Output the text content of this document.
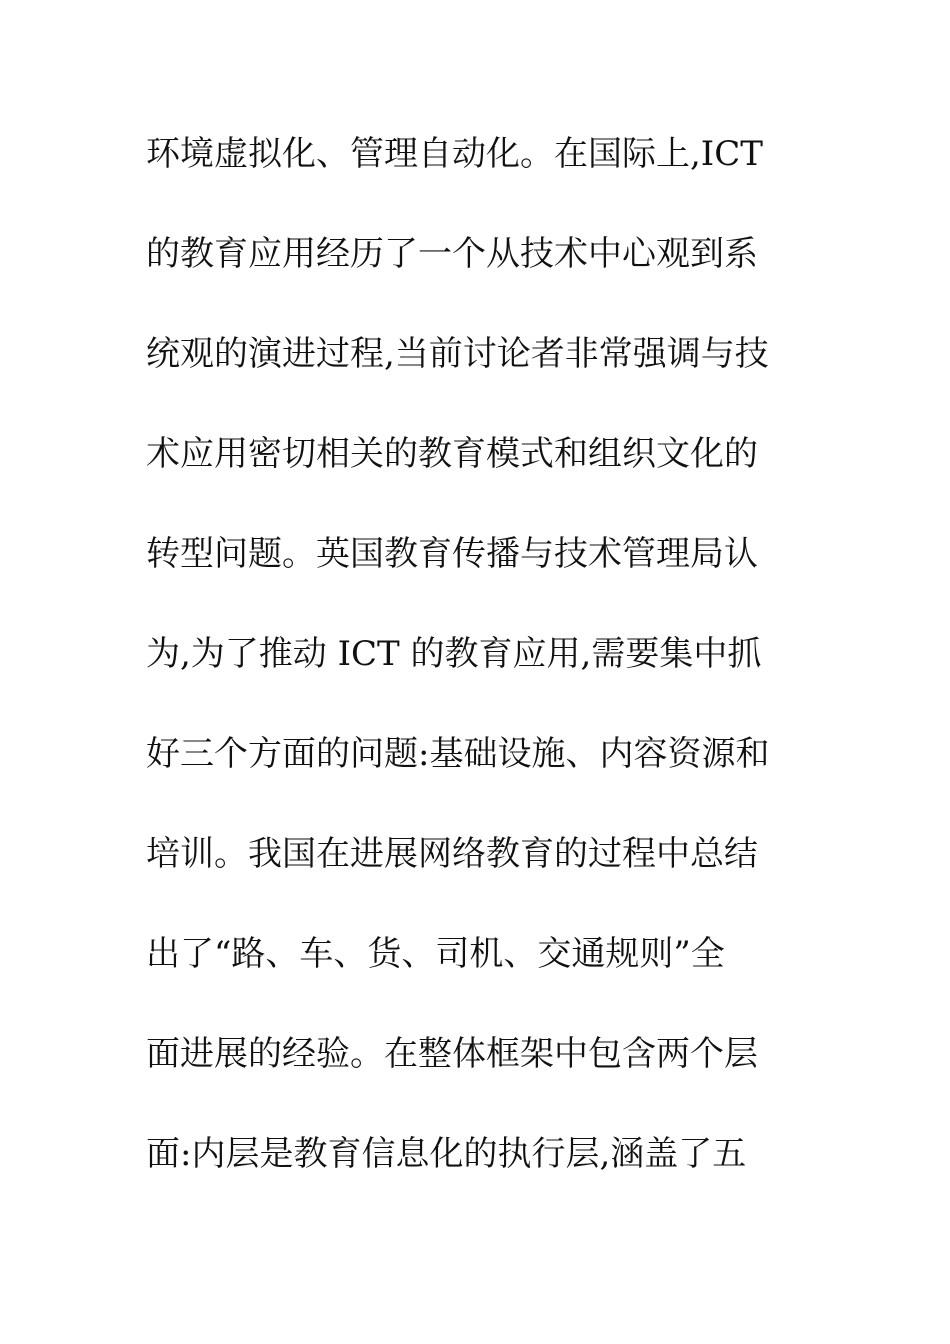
环境虚拟化、管理自动化。在国际上,ICT
的教育应用经历了一个从技术中心观到系
统观的演进过程,当前讨论者非常强调与技
术应用密切相关的教育模式和组织文化的
转型问题。英国教育传播与技术管理局认
为,为了推动 ICT 的教育应用,需要集中抓
好三个方面的问题:基础设施、内容资源和
培训。我国在进展网络教育的过程中总结
出了“路、车、货、司机、交通规则”全
面进展的经验。在整体框架中包含两个层
面:内层是教育信息化的执行层,涵盖了五
